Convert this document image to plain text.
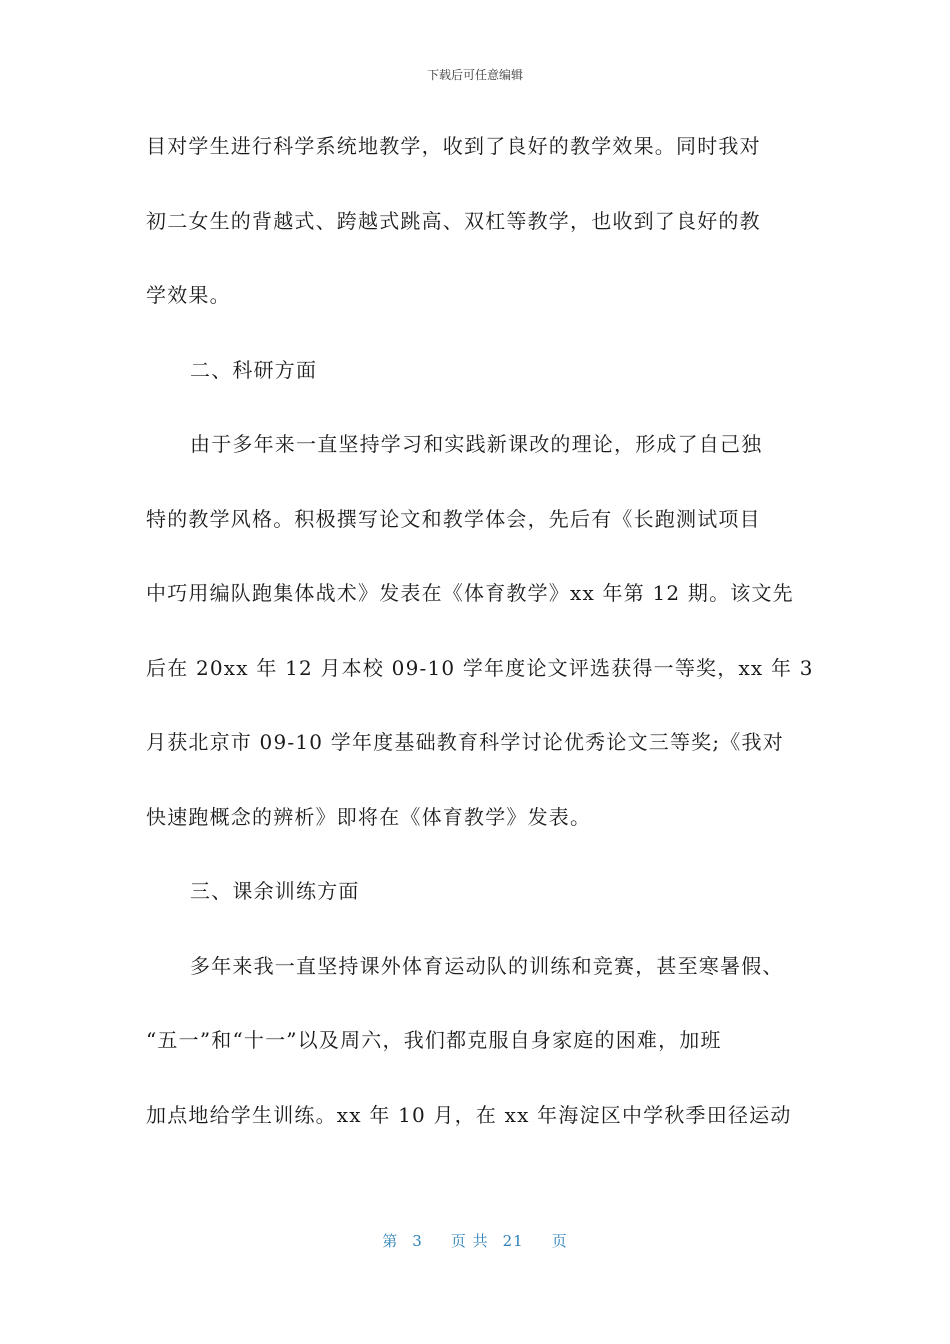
下载后可任意编辑
目对学生进行科学系统地教学，收到了良好的教学效果。同时我对
初二女生的背越式、跨越式跳高、双杠等教学，也收到了良好的教
学效果。
二、科研方面
由于多年来一直坚持学习和实践新课改的理论，形成了自己独
特的教学风格。积极撰写论文和教学体会，先后有《长跑测试项目
中巧用编队跑集体战术》发表在《体育教学》xx 年第 12 期。该文先
后在 20xx 年 12 月本校 09-10 学年度论文评选获得一等奖，xx 年 3
月获北京市 09-10 学年度基础教育科学讨论优秀论文三等奖;《我对
快速跑概念的辨析》即将在《体育教学》发表。
三、课余训练方面
多年来我一直坚持课外体育运动队的训练和竞赛，甚至寒暑假、
“五一”和“十一”以及周六，我们都克服自身家庭的困难，加班
加点地给学生训练。xx 年 10 月，在 xx 年海淀区中学秋季田径运动
第 3 页 共 21 页
